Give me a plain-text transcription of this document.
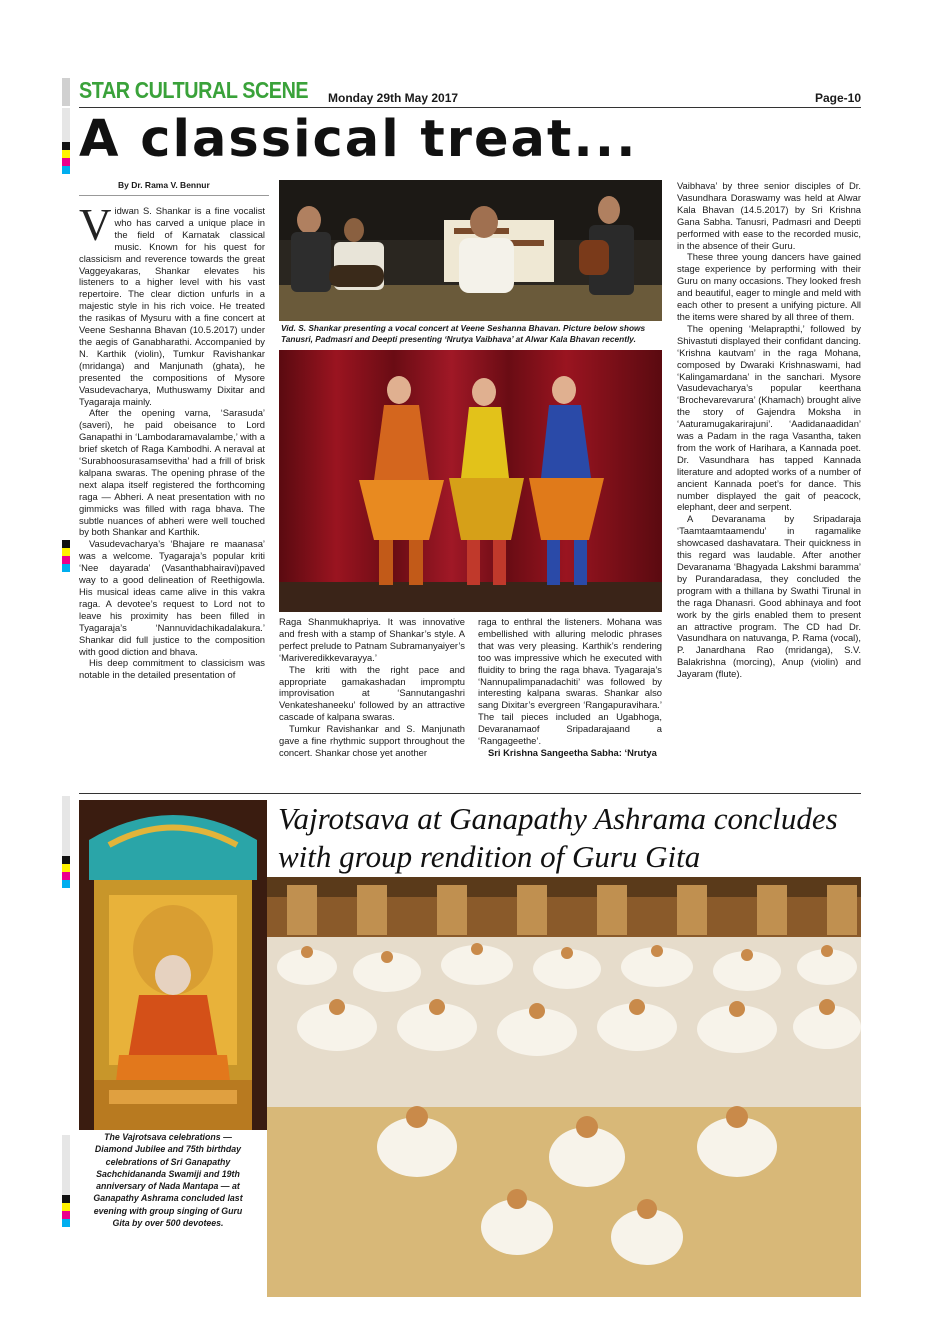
STAR CULTURAL SCENE Monday 29th May 2017	Page-10
A classical treat...
By Dr. Rama V. Bennur

Vidwan S. Shankar is a fine vocalist who has carved a unique place in the field of Karnatak classical music. Known for his quest for classicism and reverence towards the great Vaggeyakaras, Shankar elevates his listeners to a higher level with his vast repertoire. The clear diction unfurls in a majestic style in his rich voice. He treated the rasikas of Mysuru with a fine concert at Veene Seshanna Bhavan (10.5.2017) under the aegis of Ganabharathi. Accompanied by N. Karthik (violin), Tumkur Ravishankar (mridanga) and Manjunath (ghata), he presented the compositions of Mysore Vasudevacharya, Muthuswamy Dixitar and Tyagaraja mainly.

After the opening varna, ‘Sarasuda’ (saveri), he paid obeisance to Lord Ganapathi in ‘Lambodaramavalambe,’ with a brief sketch of Raga Kambodhi. A neraval at ‘Surabhoosurasamsevitha’ had a frill of brisk kalpana swaras. The opening phrase of the next alapa itself registered the forthcoming raga — Abheri. A neat presentation with no gimmicks was filled with raga bhava. The subtle nuances of abheri were well touched by both Shankar and Karthik.

Vasudevacharya’s ‘Bhajare re maanasa’ was a welcome. Tyagaraja’s popular kriti ‘Nee dayarada’ (Vasanthabhairavi)paved way to a good delineation of Reethigowla. His musical ideas came alive in this vakra raga. A devotee’s request to Lord not to leave his proximity has been filled in Tyagaraja’s ‘Nannuvidachikadalakura.’ Shankar did full justice to the composition with good diction and bhava.

His deep commitment to classicism was notable in the detailed presentation of

Vid. S. Shankar presenting a vocal concert at Veene Seshanna Bhavan. Picture below shows Tanusri, Padmasri and Deepti presenting ‘Nrutya Vaibhava’ at Alwar Kala Bhavan recently.

Raga Shanmukhapriya. It was innovative and fresh with a stamp of Shankar’s style. A perfect prelude to Patnam Subramanyaiyer’s ‘Mariveredikkevarayya.’

The kriti with the right pace and appropriate gamakashadan impromptu improvisation at ‘Sannutangashri Venkateshaneeku’ followed by an attractive cascade of kalpana swaras.

Tumkur Ravishankar and S. Manjunath gave a fine rhythmic support throughout the concert. Shankar chose yet another

raga to enthral the listeners. Mohana was embellished with alluring melodic phrases that was very pleasing. Karthik’s rendering too was impressive which he executed with fluidity to bring the raga bhava. Tyagaraja’s ‘Nannupalimpanadachiti’ was followed by interesting kalpana swaras. Shankar also sang Dixitar’s evergreen ‘Rangapuravihara.’ The tail pieces included an Ugabhoga, Devaranamaof Sripadarajaand a ‘Rangageethe’.

Sri Krishna Sangeetha Sabha: ‘Nrutya

Vaibhava’ by three senior disciples of Dr. Vasundhara Doraswamy was held at Alwar Kala Bhavan (14.5.2017) by Sri Krishna Gana Sabha. Tanusri, Padmasri and Deepti performed with ease to the recorded music, in the absence of their Guru.

These three young dancers have gained stage experience by performing with their Guru on many occasions. They looked fresh and beautiful, eager to mingle and meld with each other to present a unifying picture. All the items were shared by all three of them.

The opening ‘Melaprapthi,’ followed by Shivastuti displayed their confidant dancing. ‘Krishna kautvam’ in the raga Mohana, composed by Dwaraki Krishnaswami, had ‘Kalingamardana’ in the sanchari. Mysore Vasudevacharya’s popular keerthana ‘Brochevarevarura’ (Khamach) brought alive the story of Gajendra Moksha in ‘Aaturamugakarirajuni’. ‘Aadidanaadidan’ was a Padam in the raga Vasantha, taken from the work of Harihara, a Kannada poet. Dr. Vasundhara has tapped Kannada literature and adopted works of a number of ancient Kannada poet’s for dance. This number displayed the gait of peacock, elephant, deer and serpent.

A Devaranama by Sripadaraja ‘Taamtaamtaamendu’ in ragamalike showcased dashavatara. Their quickness in this regard was laudable. After another Devaranama ‘Bhagyada Lakshmi baramma’ by Purandaradasa, they concluded the program with a thillana by Swathi Tirunal in the raga Dhanasri. Good abhinaya and foot work by the girls enabled them to present an attractive program. The CD had Dr. Vasundhara on natuvanga, P. Rama (vocal), P. Janardhana Rao (mridanga), S.V. Balakrishna (morcing), Anup (violin) and Jayaram (flute).

Vajrotsava at Ganapathy Ashrama concludes
with group rendition of Guru Gita
The Vajrotsava celebrations — Diamond Jubilee and 75th birthday celebrations of Sri Ganapathy Sachchidananda Swamiji and 19th anniversary of Nada Mantapa — at Ganapathy Ashrama concluded last evening with group singing of Guru Gita by over 500 devotees.
